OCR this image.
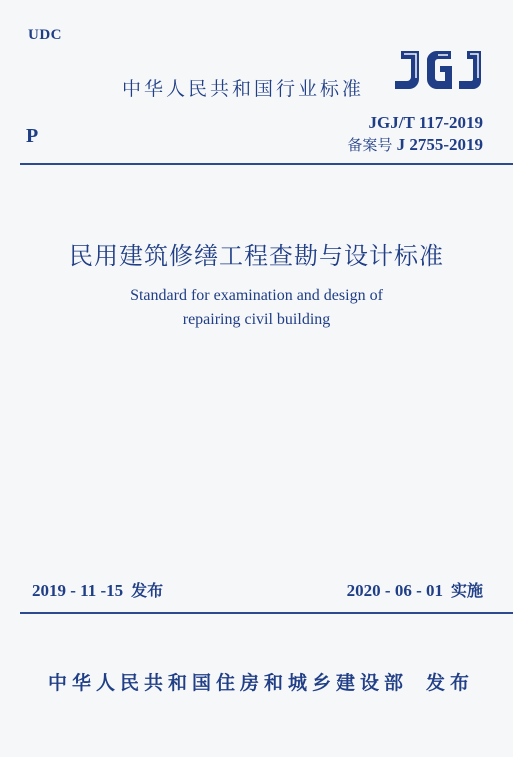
UDC
中华人民共和国行业标准
P
JGJ/T 117-2019
备案号 J 2755-2019
民用建筑修缮工程查勘与设计标准
Standard for examination and design of
repairing civil building
2019 - 11 -15 发布	2020 - 06 - 01 实施
中华人民共和国住房和城乡建设部 发布
